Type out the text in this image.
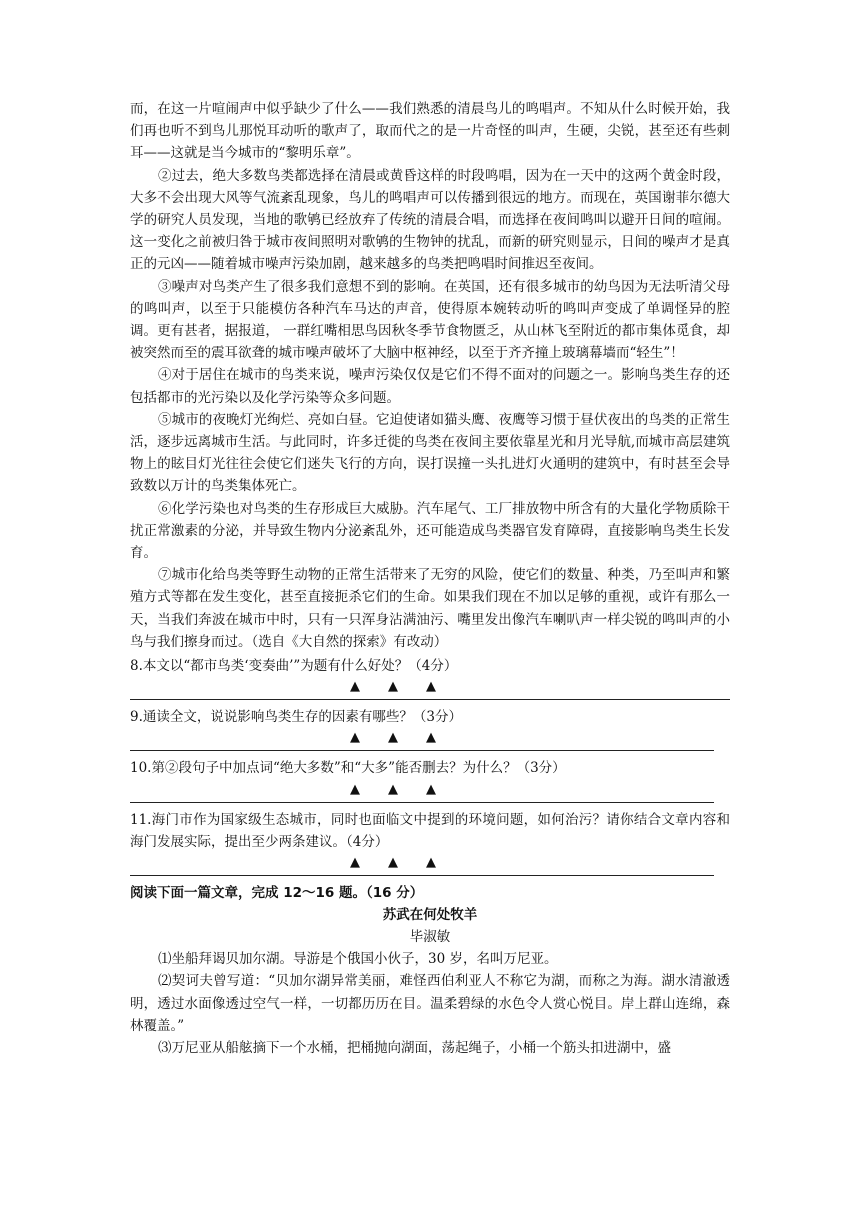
而，在这一片喧闹声中似乎缺少了什么——我们熟悉的清晨鸟儿的鸣唱声。不知从什么时候开始，我们再也听不到鸟儿那悦耳动听的歌声了，取而代之的是一片奇怪的叫声，生硬，尖锐，甚至还有些刺耳——这就是当今城市的“黎明乐章”。

②过去，绝大多数鸟类都选择在清晨或黄昏这样的时段鸣唱，因为在一天中的这两个黄金时段，大多不会出现大风等气流紊乱现象，鸟儿的鸣唱声可以传播到很远的地方。而现在，英国谢菲尔德大学的研究人员发现，当地的歌鸲已经放弃了传统的清晨合唱，而选择在夜间鸣叫以避开日间的喧闹。这一变化之前被归咎于城市夜间照明对歌鸲的生物钟的扰乱，而新的研究则显示，日间的噪声才是真正的元凶——随着城市噪声污染加剧，越来越多的鸟类把鸣唱时间推迟至夜间。

③噪声对鸟类产生了很多我们意想不到的影响。在英国，还有很多城市的幼鸟因为无法听清父母的鸣叫声，以至于只能模仿各种汽车马达的声音，使得原本婉转动听的鸣叫声变成了单调怪异的腔调。更有甚者，据报道， 一群红嘴相思鸟因秋冬季节食物匮乏，从山林飞至附近的都市集体觅食，却被突然而至的震耳欲聋的城市噪声破坏了大脑中枢神经，以至于齐齐撞上玻璃幕墙而“轻生”！

④对于居住在城市的鸟类来说，噪声污染仅仅是它们不得不面对的问题之一。影响鸟类生存的还包括都市的光污染以及化学污染等众多问题。

⑤城市的夜晚灯光绚烂、亮如白昼。它迫使诸如猫头鹰、夜鹰等习惯于昼伏夜出的鸟类的正常生活，逐步远离城市生活。与此同时，许多迁徙的鸟类在夜间主要依靠星光和月光导航,而城市高层建筑物上的眩目灯光往往会使它们迷失飞行的方向，误打误撞一头扎进灯火通明的建筑中，有时甚至会导致数以万计的鸟类集体死亡。

⑥化学污染也对鸟类的生存形成巨大威胁。汽车尾气、工厂排放物中所含有的大量化学物质除干扰正常激素的分泌，并导致生物内分泌紊乱外，还可能造成鸟类器官发育障碍，直接影响鸟类生长发育。

⑦城市化给鸟类等野生动物的正常生活带来了无穷的风险，使它们的数量、种类，乃至叫声和繁殖方式等都在发生变化，甚至直接扼杀它们的生命。如果我们现在不加以足够的重视，或许有那么一天，当我们奔波在城市中时，只有一只浑身沾满油污、嘴里发出像汽车喇叭声一样尖锐的鸣叫声的小鸟与我们擦身而过。（选自《大自然的探索》有改动）

8.本文以“都市鸟类‘变奏曲’”为题有什么好处？（4分）

▲ ▲ ▲

9.通读全文，说说影响鸟类生存的因素有哪些？（3分）

▲ ▲ ▲

10.第②段句子中加点词“绝大多数”和“大多”能否删去？为什么？（3分）

▲ ▲ ▲

11.海门市作为国家级生态城市，同时也面临文中提到的环境问题，如何治污？请你结合文章内容和海门发展实际，提出至少两条建议。（4分）

▲ ▲ ▲
阅读下面一篇文章，完成 12～16 题。（16 分）
苏武在何处牧羊
毕淑敏

⑴坐船拜谒贝加尔湖。导游是个俄国小伙子，30 岁，名叫万尼亚。

⑵契诃夫曾写道：“贝加尔湖异常美丽，难怪西伯利亚人不称它为湖，而称之为海。湖水清澈透明，透过水面像透过空气一样，一切都历历在目。温柔碧绿的水色令人赏心悦目。岸上群山连绵，森林覆盖。”

⑶万尼亚从船舷摘下一个水桶，把桶抛向湖面，荡起绳子，小桶一个筋头扣进湖中，盛
